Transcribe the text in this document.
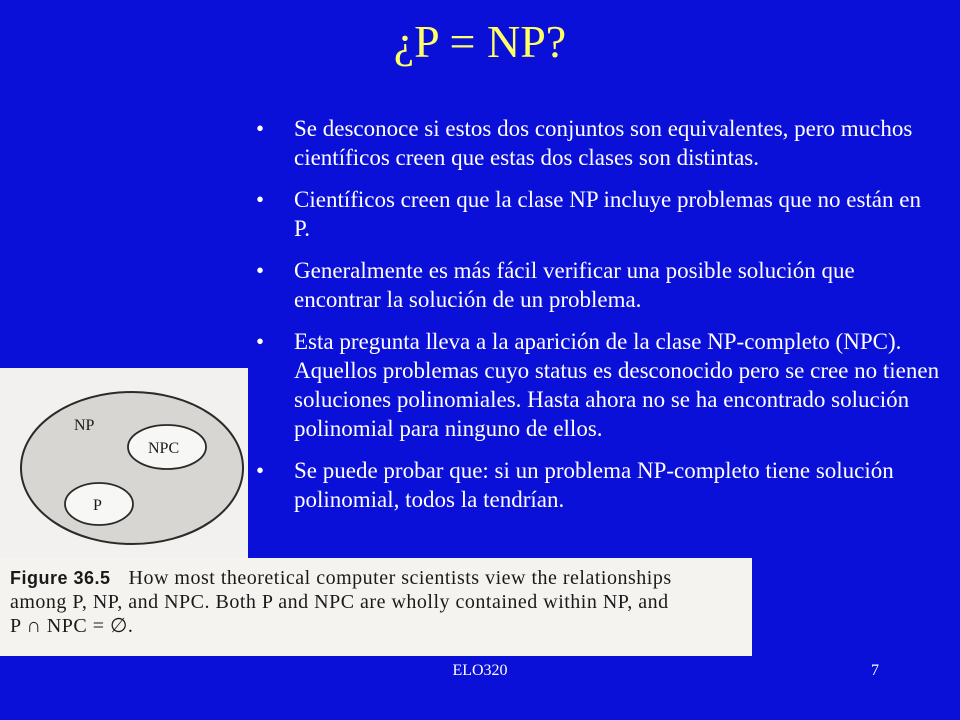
¿P = NP?
• Se desconoce si estos dos conjuntos son equivalentes, pero muchos científicos creen que estas dos clases son distintas.
• Científicos creen que la clase NP incluye problemas que no están en P.
• Generalmente es más fácil verificar una posible solución que encontrar la solución de un problema.
• Esta pregunta lleva a la aparición de la clase NP-completo (NPC). Aquellos problemas cuyo status es desconocido pero se cree no tienen soluciones polinomiales. Hasta ahora no se ha encontrado solución polinomial para ninguno de ellos.
• Se puede probar que: si un problema NP-completo tiene solución polinomial, todos la tendrían.
NP
NPC
P
Figure 36.5 How most theoretical computer scientists view the relationships
among P, NP, and NPC. Both P and NPC are wholly contained within NP, and
P ∩ NPC = ∅.
ELO320	7
